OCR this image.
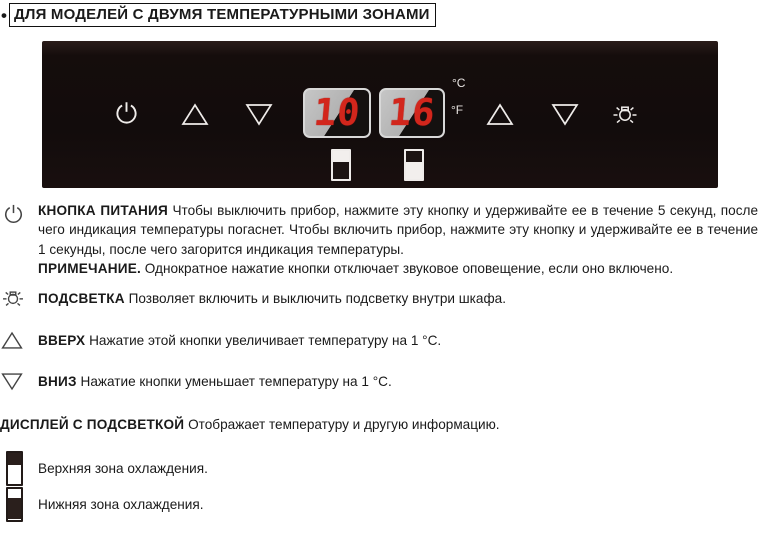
• ДЛЯ МОДЕЛЕЙ С ДВУМЯ ТЕМПЕРАТУРНЫМИ ЗОНАМИ
10 16
°C
°F

КНОПКА ПИТАНИЯ Чтобы выключить прибор, нажмите эту кнопку и удерживайте ее в течение 5 секунд, после чего индикация температуры погаснет. Чтобы включить прибор, нажмите эту кнопку и удерживайте ее в течение 1 секунды, после чего загорится индикация температуры.

ПРИМЕЧАНИЕ. Однократное нажатие кнопки отключает звуковое оповещение, если оно включено.

ПОДСВЕТКА Позволяет включить и выключить подсветку внутри шкафа.

ВВЕРХ Нажатие этой кнопки увеличивает температуру на 1 °С.

ВНИЗ Нажатие кнопки уменьшает температуру на 1 °С.

ДИСПЛЕЙ С ПОДСВЕТКОЙ Отображает температуру и другую информацию.

Верхняя зона охлаждения.
Нижняя зона охлаждения.
